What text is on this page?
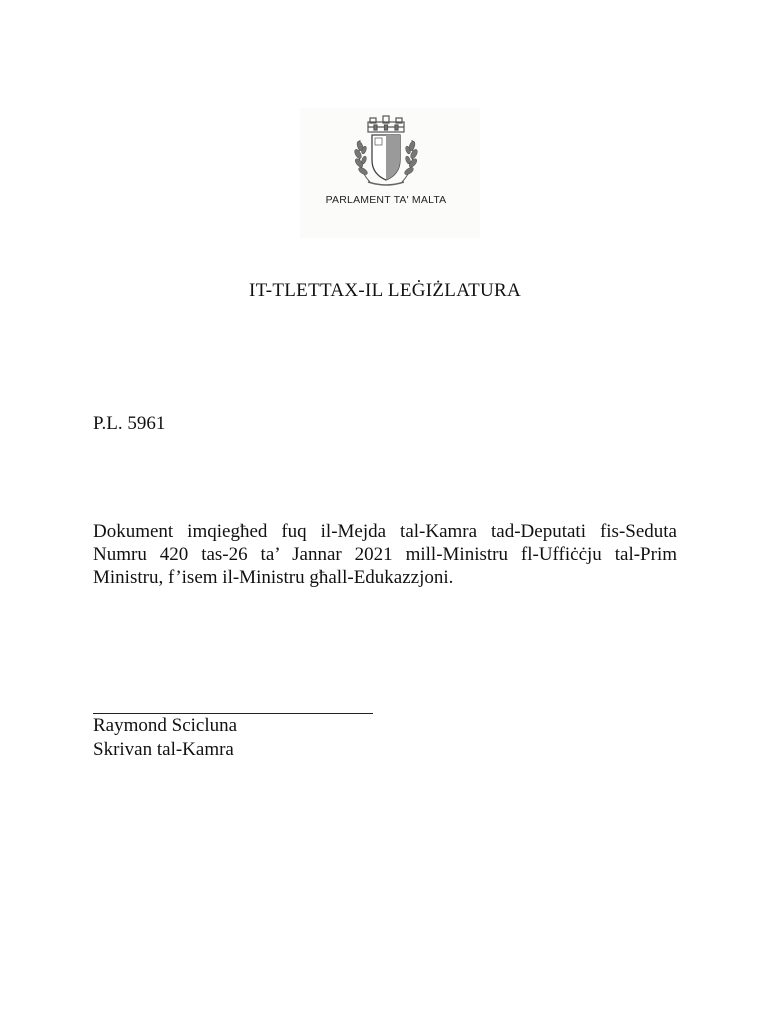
PARLAMENT TA' MALTA
IT-TLETTAX-IL LEĠIŻLATURA
P.L. 5961
Dokument imqiegħed fuq il-Mejda tal-Kamra tad-Deputati fis-Seduta Numru 420 tas-26 ta’ Jannar 2021 mill-Ministru fl-Uffiċċju tal-Prim Ministru, f’isem il-Ministru għall-Edukazzjoni.
Raymond Scicluna
Skrivan tal-Kamra
